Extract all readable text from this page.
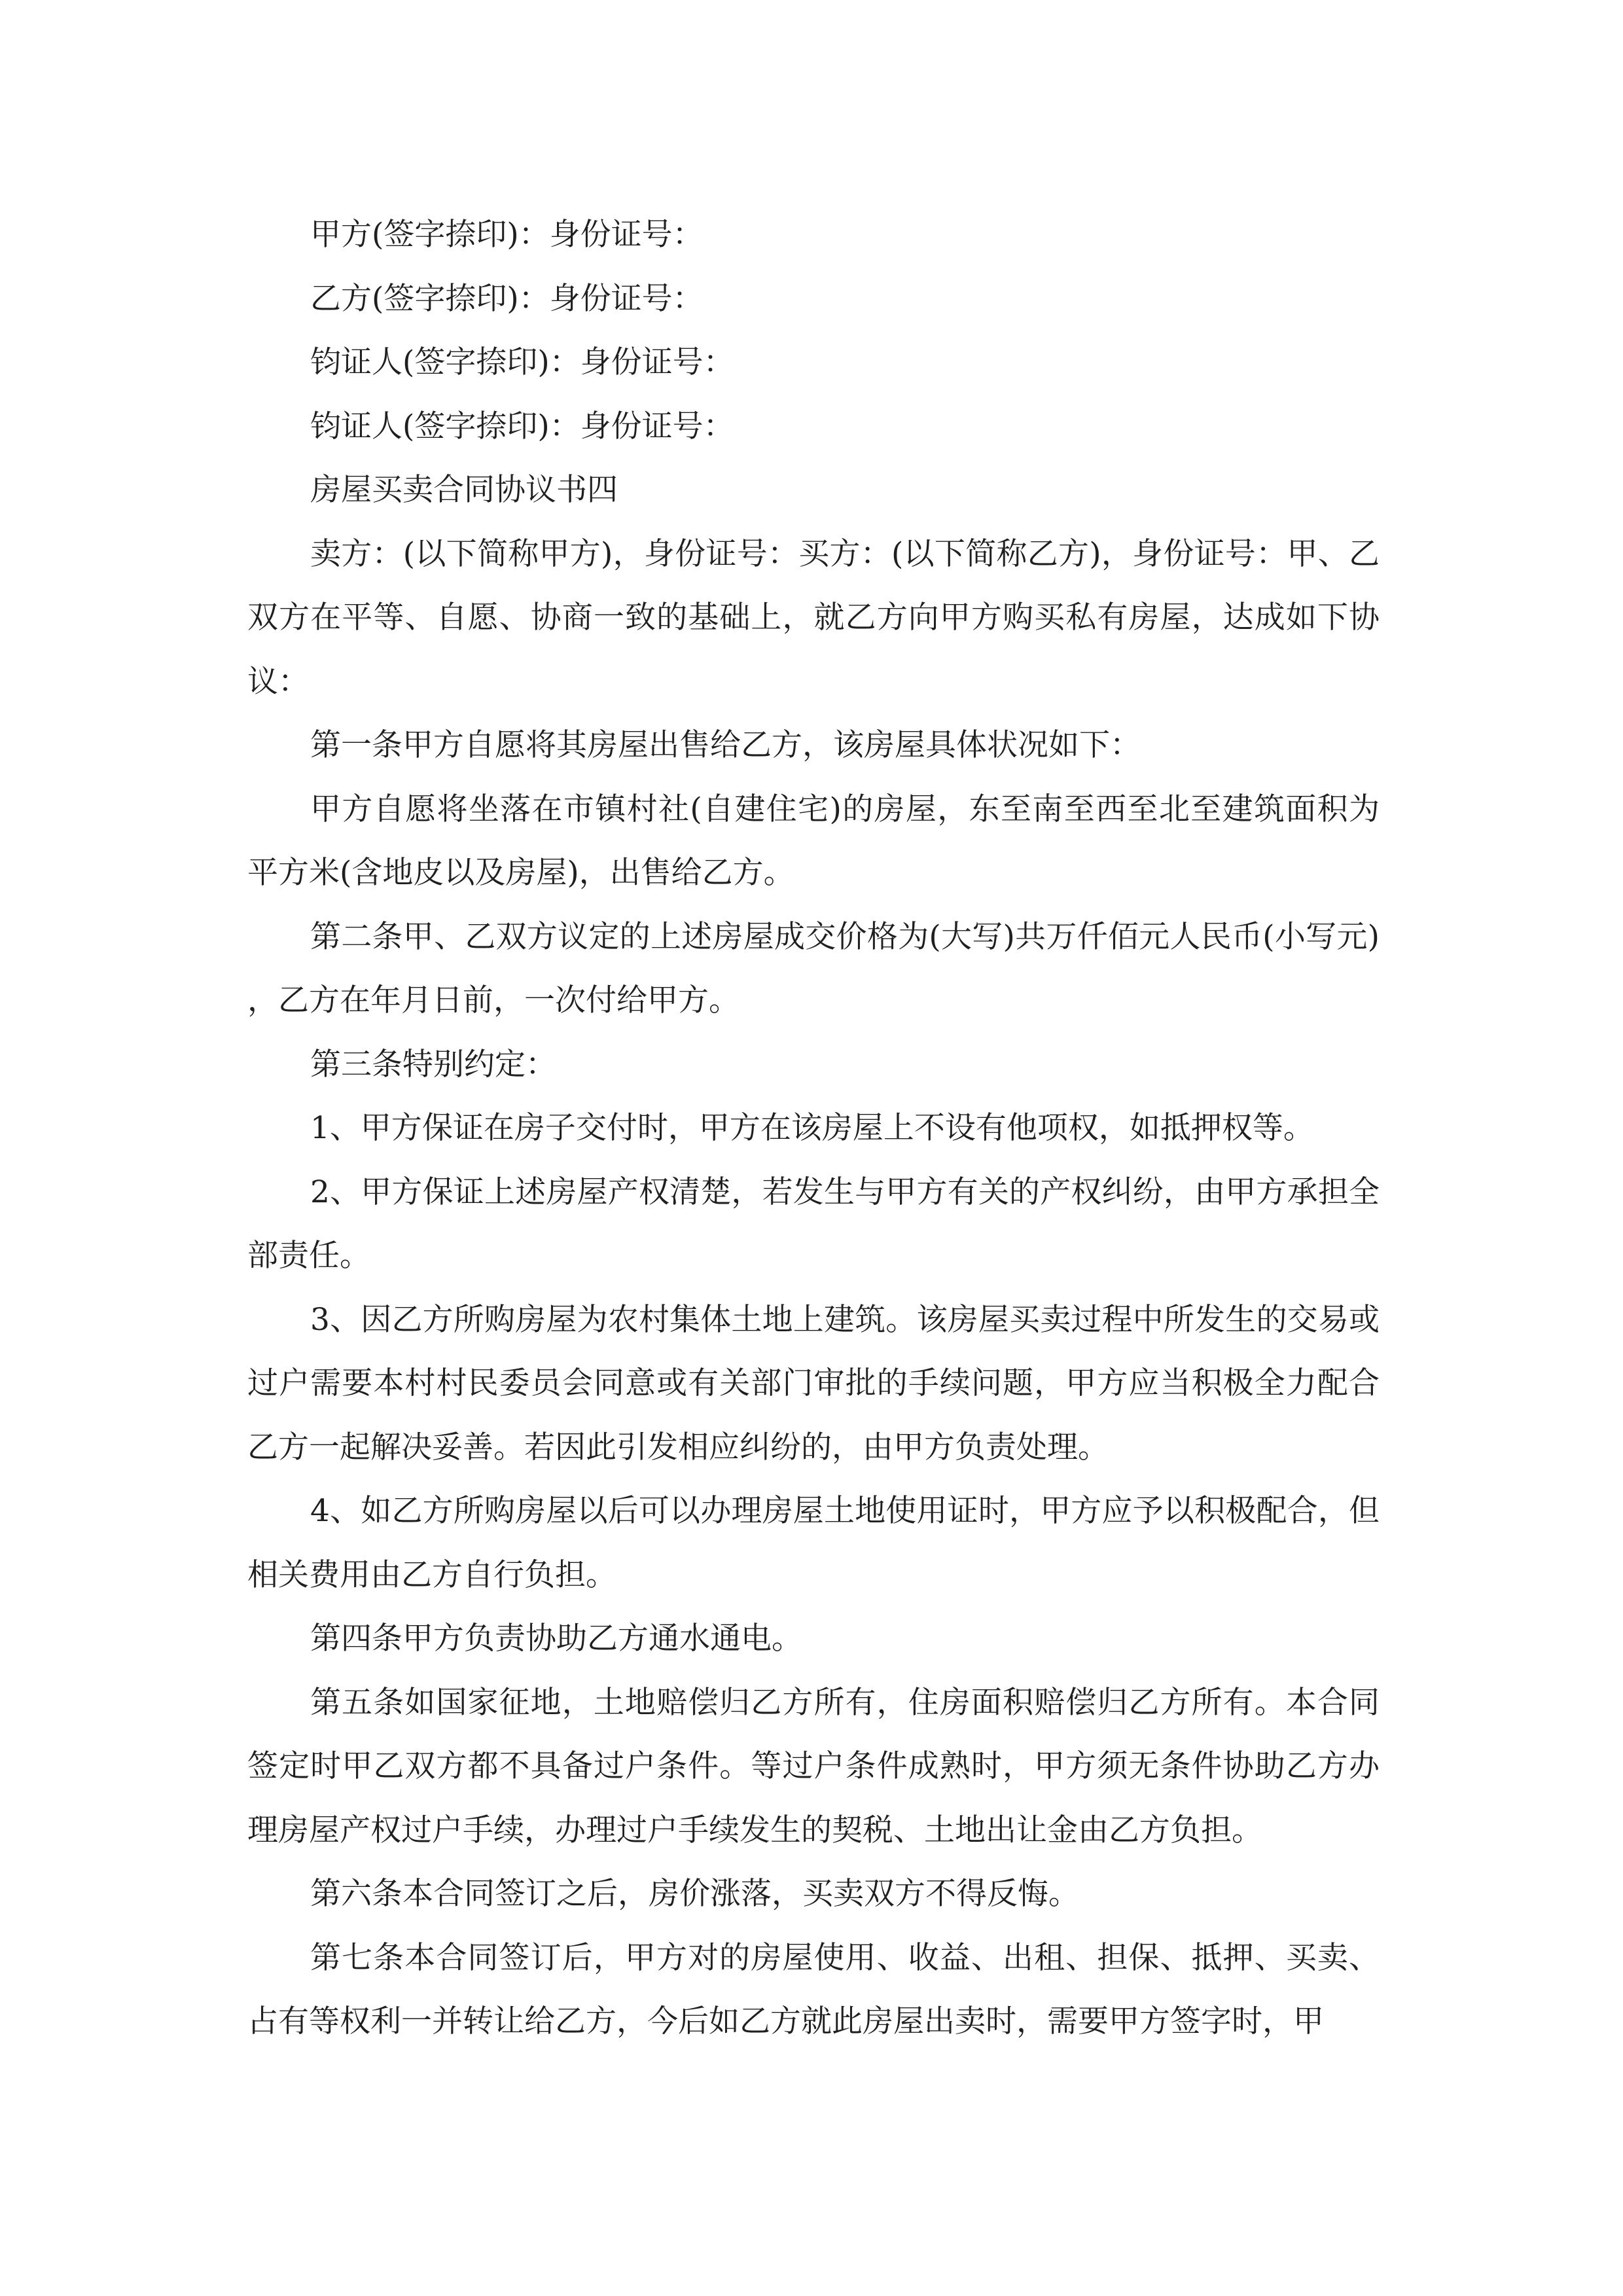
甲方(签字捺印)：身份证号：

乙方(签字捺印)：身份证号：

钧证人(签字捺印)：身份证号：

钧证人(签字捺印)：身份证号：

房屋买卖合同协议书四

卖方：(以下简称甲方)，身份证号：买方：(以下简称乙方)，身份证号：甲、乙双方在平等、自愿、协商一致的基础上，就乙方向甲方购买私有房屋，达成如下协议：

第一条甲方自愿将其房屋出售给乙方，该房屋具体状况如下：

甲方自愿将坐落在市镇村社(自建住宅)的房屋，东至南至西至北至建筑面积为平方米(含地皮以及房屋)，出售给乙方。

第二条甲、乙双方议定的上述房屋成交价格为(大写)共万仟佰元人民币(小写元)，乙方在年月日前，一次付给甲方。

第三条特别约定：

1、甲方保证在房子交付时，甲方在该房屋上不设有他项权，如抵押权等。

2、甲方保证上述房屋产权清楚，若发生与甲方有关的产权纠纷，由甲方承担全部责任。

3、因乙方所购房屋为农村集体土地上建筑。该房屋买卖过程中所发生的交易或过户需要本村村民委员会同意或有关部门审批的手续问题，甲方应当积极全力配合乙方一起解决妥善。若因此引发相应纠纷的，由甲方负责处理。

4、如乙方所购房屋以后可以办理房屋土地使用证时，甲方应予以积极配合，但相关费用由乙方自行负担。

第四条甲方负责协助乙方通水通电。

第五条如国家征地，土地赔偿归乙方所有，住房面积赔偿归乙方所有。本合同签定时甲乙双方都不具备过户条件。等过户条件成熟时，甲方须无条件协助乙方办理房屋产权过户手续，办理过户手续发生的契税、土地出让金由乙方负担。

第六条本合同签订之后，房价涨落，买卖双方不得反悔。

第七条本合同签订后，甲方对的房屋使用、收益、出租、担保、抵押、买卖、占有等权利一并转让给乙方，今后如乙方就此房屋出卖时，需要甲方签字时，甲
